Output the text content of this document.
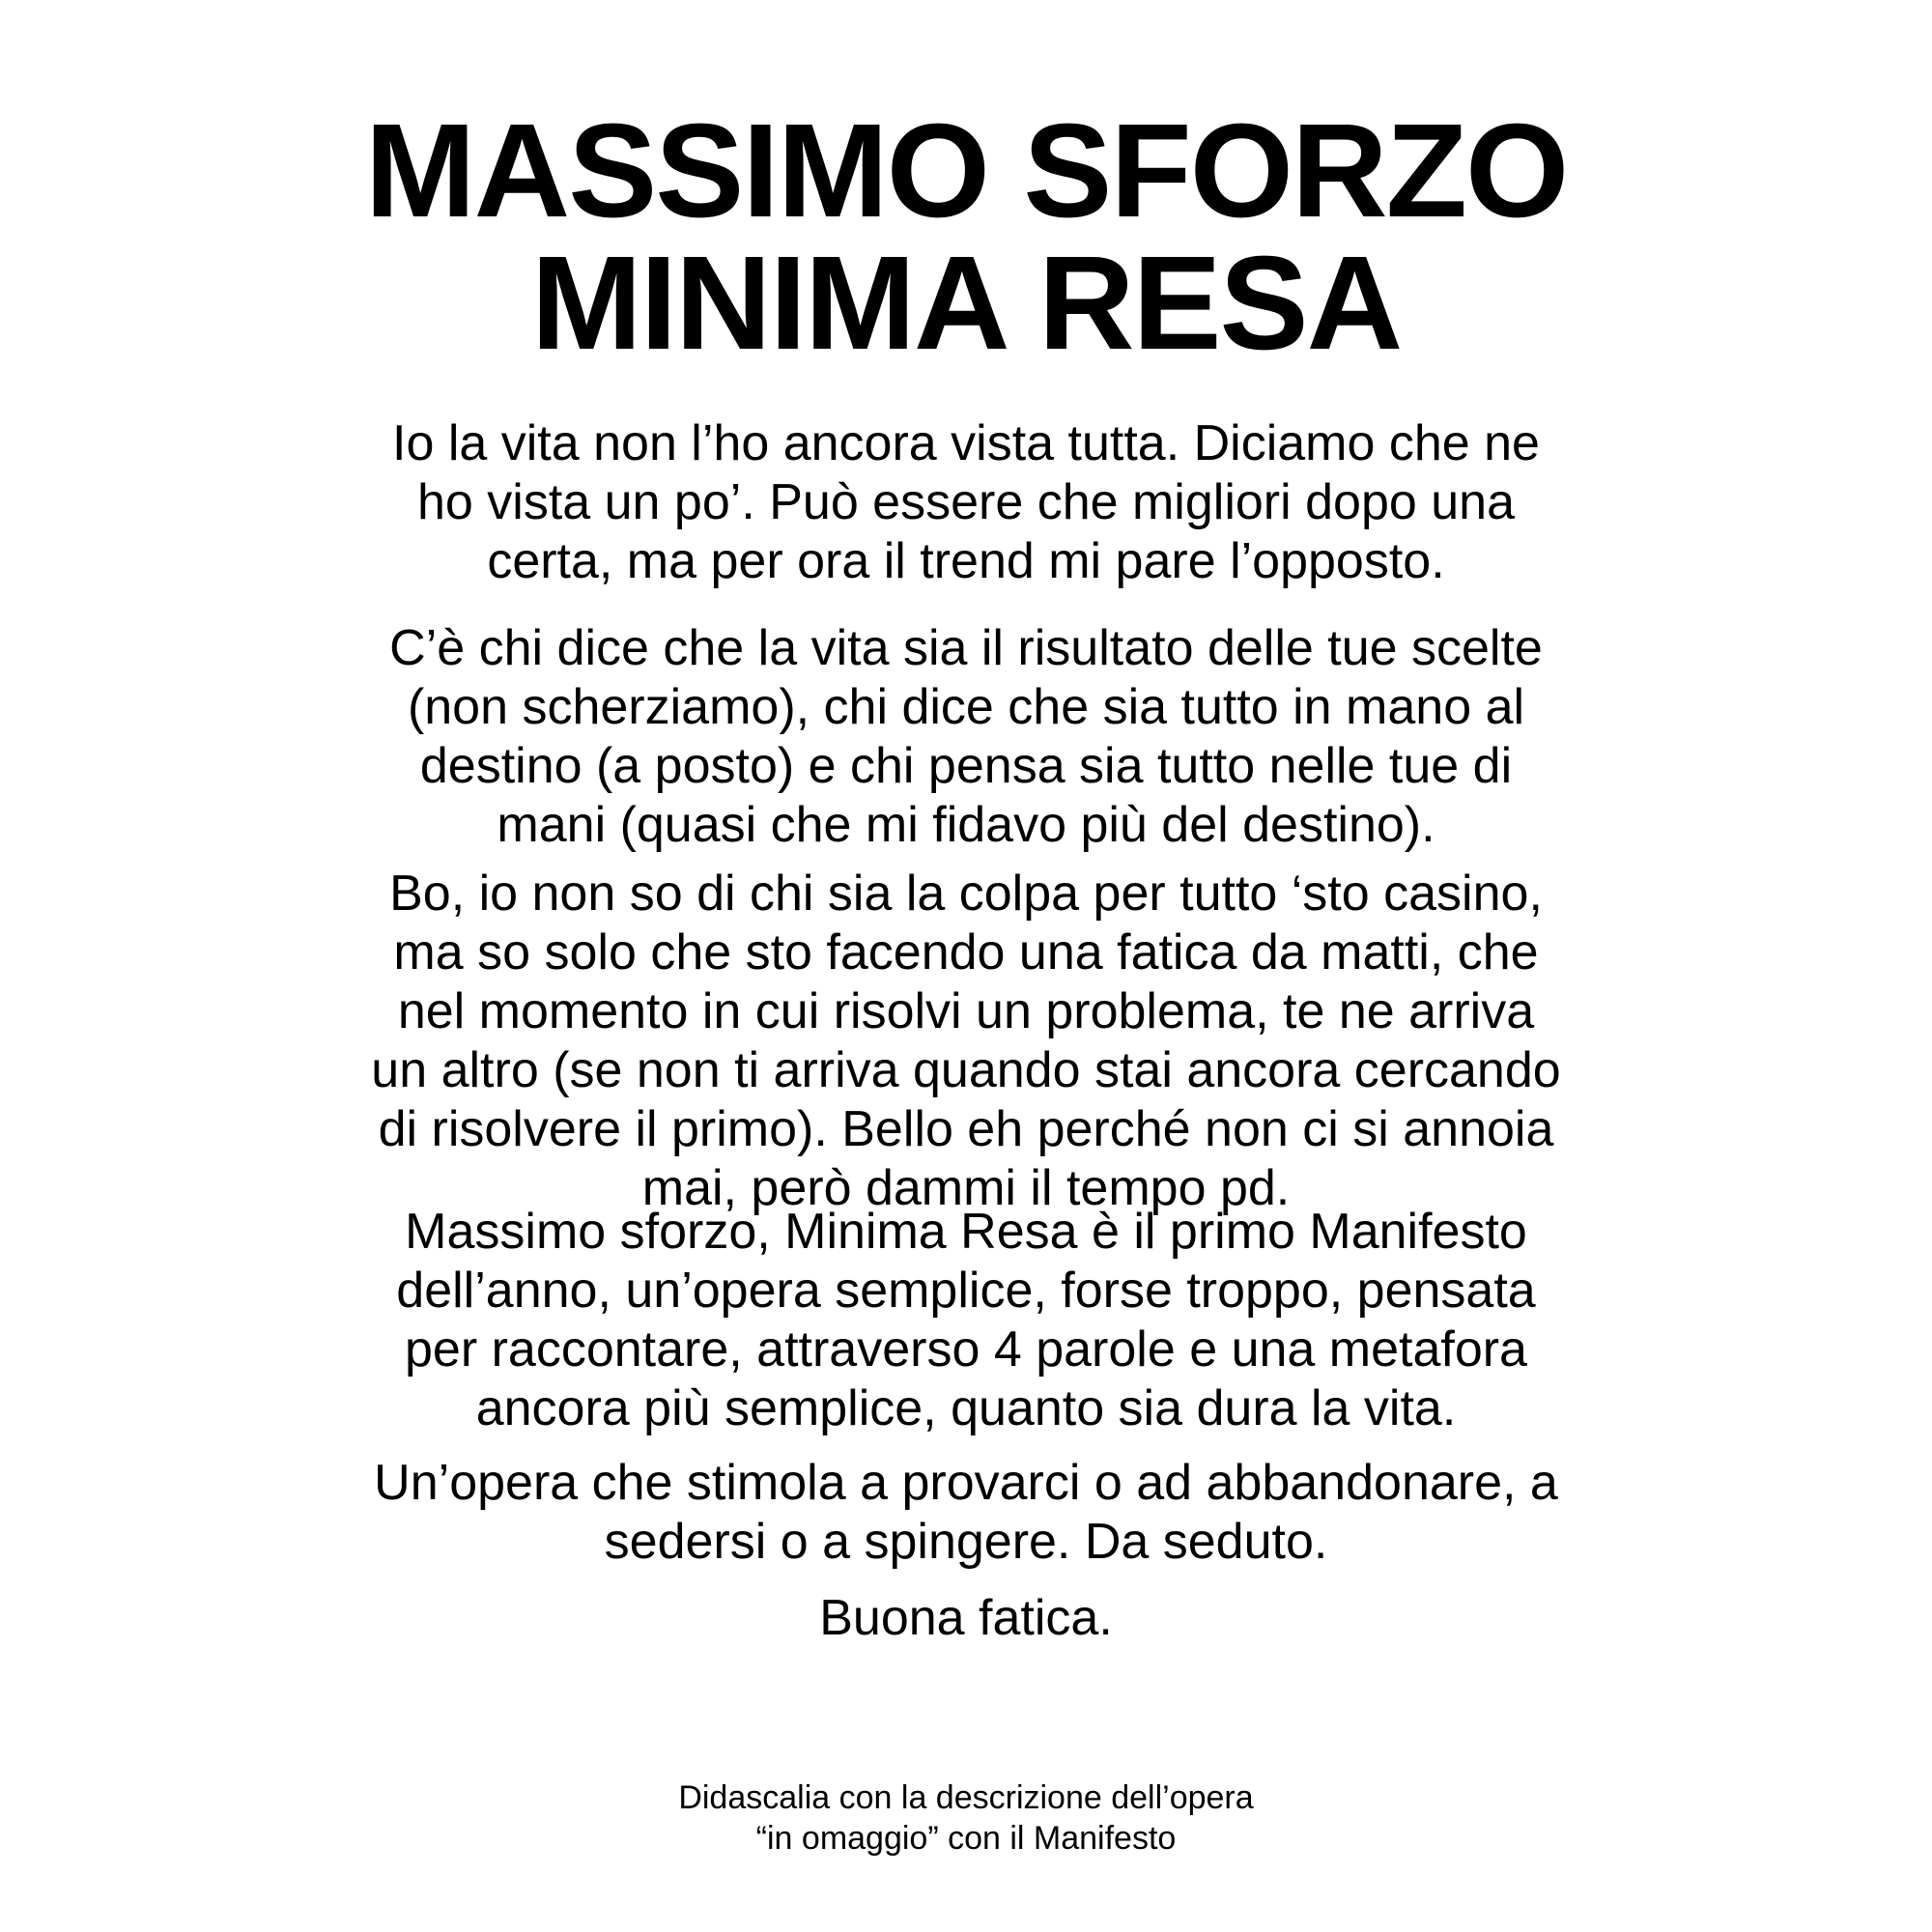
MASSIMO SFORZO
MINIMA RESA

Io la vita non l’ho ancora vista tutta. Diciamo che ne
ho vista un po’. Può essere che migliori dopo una
certa, ma per ora il trend mi pare l’opposto.

C’è chi dice che la vita sia il risultato delle tue scelte
(non scherziamo), chi dice che sia tutto in mano al
destino (a posto) e chi pensa sia tutto nelle tue di
mani (quasi che mi fidavo più del destino).

Bo, io non so di chi sia la colpa per tutto ‘sto casino,
ma so solo che sto facendo una fatica da matti, che
nel momento in cui risolvi un problema, te ne arriva
un altro (se non ti arriva quando stai ancora cercando
di risolvere il primo). Bello eh perché non ci si annoia
mai, però dammi il tempo pd.

Massimo sforzo, Minima Resa è il primo Manifesto
dell’anno, un’opera semplice, forse troppo, pensata
per raccontare, attraverso 4 parole e una metafora
ancora più semplice, quanto sia dura la vita.

Un’opera che stimola a provarci o ad abbandonare, a
sedersi o a spingere. Da seduto.

Buona fatica.

Didascalia con la descrizione dell’opera
“in omaggio” con il Manifesto
